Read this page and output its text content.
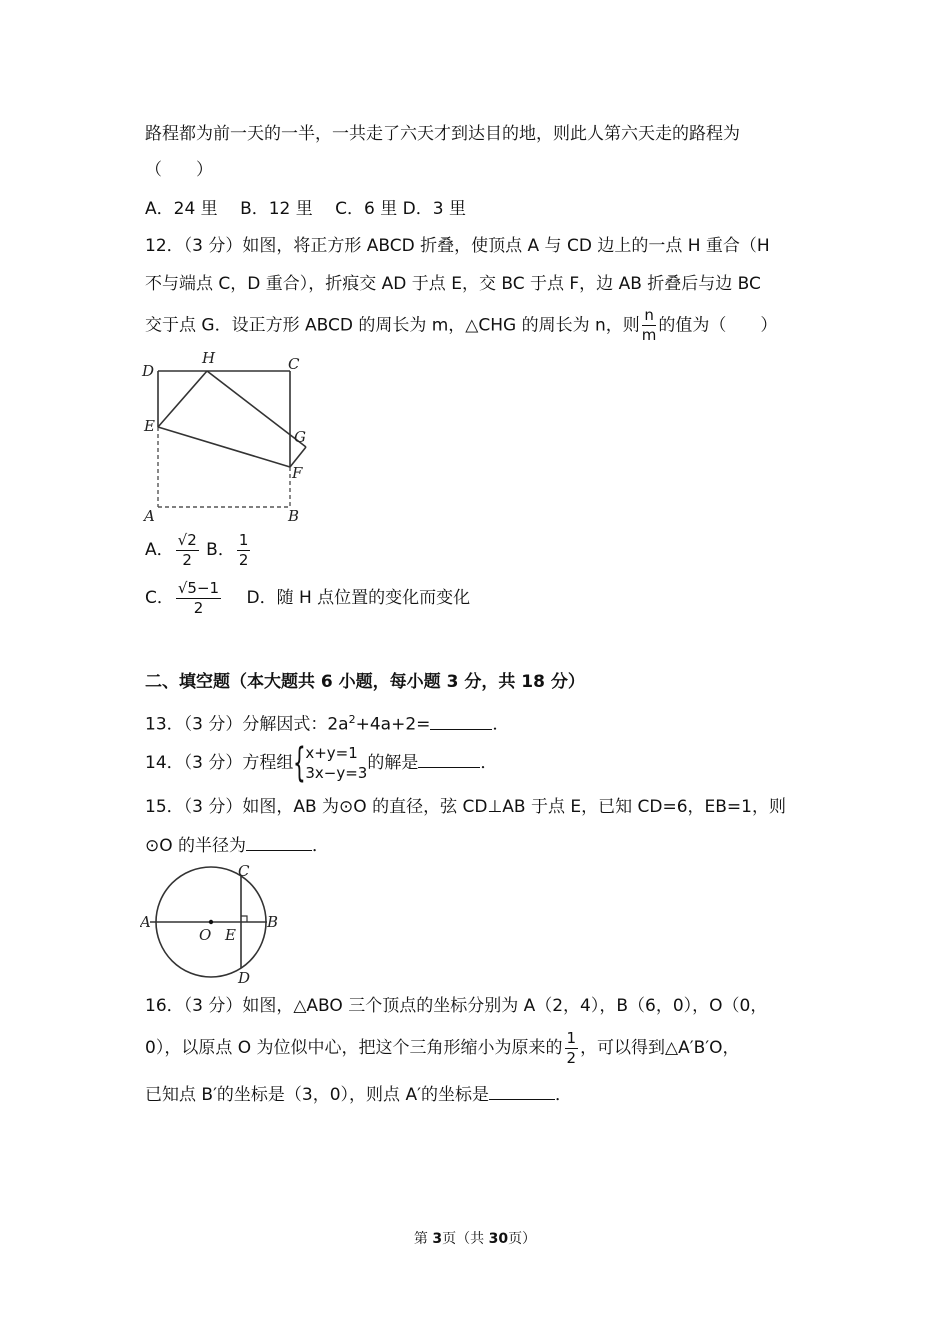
路程都为前一天的一半，一共走了六天才到达目的地，则此人第六天走的路程为
（　　）
A．24 里　 B．12 里　 C．6 里 D．3 里
12．（3 分）如图，将正方形 ABCD 折叠，使顶点 A 与 CD 边上的一点 H 重合（H
不与端点 C，D 重合），折痕交 AD 于点 E，交 BC 于点 F，边 AB 折叠后与边 BC
交于点 G．设正方形 ABCD 的周长为 m，△CHG 的周长为 n，则 $\frac{n}{m}$ 的值为（　　）
D
H	C
E
G
F
A	B
A． $\frac{√2}{2}$ B． $\frac{1}{2}$
C． $\frac{√5-1}{2}$ D．随 H 点位置的变化而变化
二、填空题（本大题共 6 小题，每小题 3 分，共 18 分）
13．（3 分）分解因式：$2a^2+4a+2=$	．
14．（3 分）方程组 { x+y=1
3x−y=3 的解是	．
15．（3 分）如图，AB 为⊙O 的直径，弦 CD⊥AB 于点 E，已知 CD=6，EB=1，则
⊙O 的半径为	．
A	B
C
D
O E
16．（3 分）如图，△ABO 三个顶点的坐标分别为 A（2，4），B（6，0），O（0，
0），以原点 O 为位似中心，把这个三角形缩小为原来的 $\frac{1}{2}$ ，可以得到△A′B′O，
已知点 B′的坐标是（3，0），则点 A′的坐标是	．
第 3页（共 30页）
